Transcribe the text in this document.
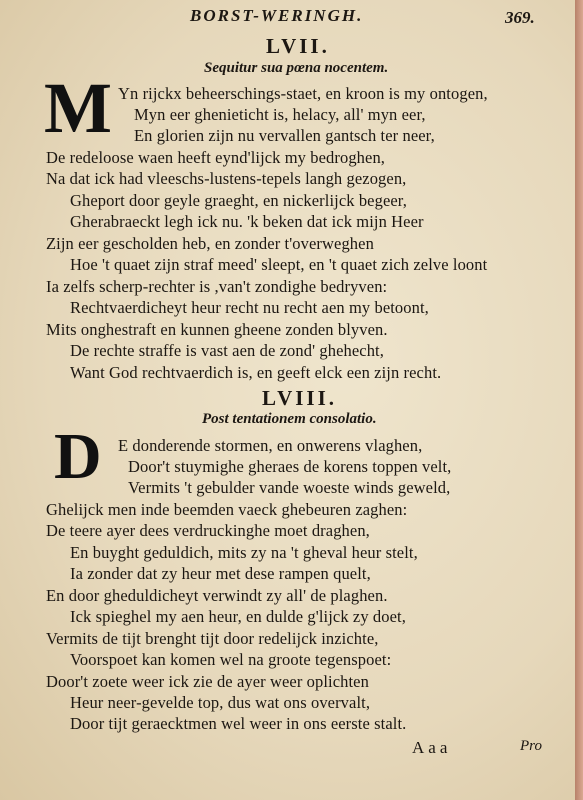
BORST-WERINGH.	369.
LVII.
Sequitur sua pœna nocentem.
M Yn rijckx beheerschings-staet, en kroon is my ontogen,
Myn eer ghenieticht is, helacy, all' myn eer,
En glorien zijn nu vervallen gantsch ter neer,
De redeloose waen heeft eynd'lijck my bedroghen,
Na dat ick had vleeschs-lustens-tepels langh gezogen,
Gheport door geyle graeght, en nickerlijck begeer,
Gherabraeckt legh ick nu. 'k beken dat ick mijn Heer
Zijn eer gescholden heb, en zonder t'overweghen
Hoe 't quaet zijn straf meed' sleept, en 't quaet zich zelve loont
Ia zelfs scherp-rechter is ,van't zondighe bedryven:
Rechtvaerdicheyt heur recht nu recht aen my betoont,
Mits onghestraft en kunnen gheene zonden blyven.
De rechte straffe is vast aen de zond' ghehecht,
Want God rechtvaerdich is, en geeft elck een zijn recht.
LVIII.
Post tentationem consolatio.
D E donderende stormen, en onwerens vlaghen,
Door't stuymighe gheraes de korens toppen velt,
Vermits 't gebulder vande woeste winds geweld,
Ghelijck men inde beemden vaeck ghebeuren zaghen:
De teere ayer dees verdruckinghe moet draghen,
En buyght geduldich, mits zy na 't gheval heur stelt,
Ia zonder dat zy heur met dese rampen quelt,
En door gheduldicheyt verwindt zy all' de plaghen.
Ick spieghel my aen heur, en dulde g'lijck zy doet,
Vermits de tijt brenght tijt door redelijck inzichte,
Voorspoet kan komen wel na groote tegenspoet:
Door't zoete weer ick zie de ayer weer oplichten
Heur neer-gevelde top, dus wat ons overvalt,
Door tijt geraecktmen wel weer in ons eerste stalt.
Aaa	Pro
